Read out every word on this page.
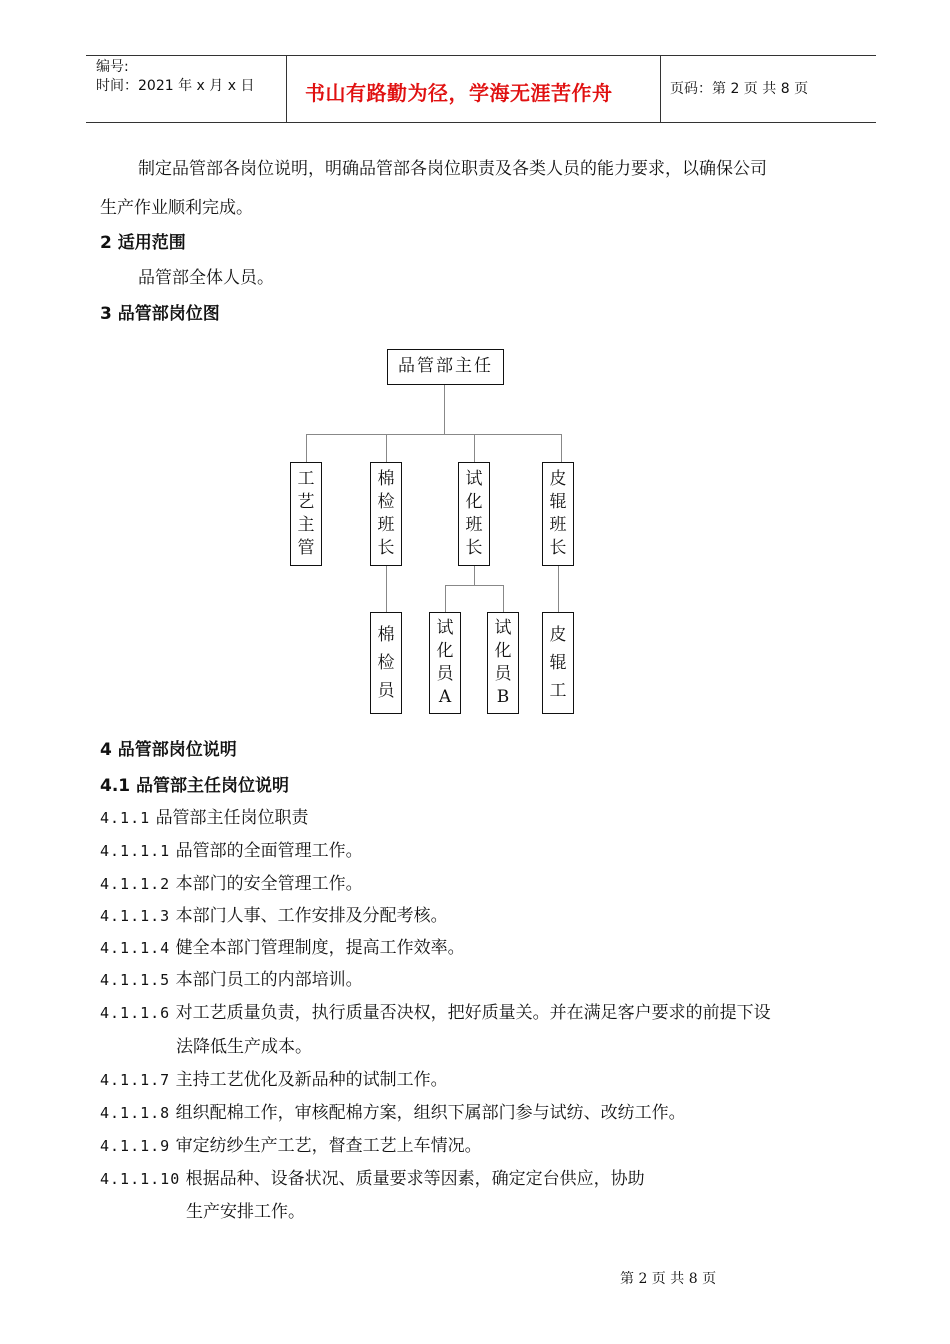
编号:
时间：2021 年 x 月 x 日	书山有路勤为径，学海无涯苦作舟	页码：第 2 页 共 8 页
制定品管部各岗位说明，明确品管部各岗位职责及各类人员的能力要求，以确保公司
生产作业顺利完成。
2 适用范围
品管部全体人员。
3 品管部岗位图
品管部主任
工
艺
主
管
棉
检
班
长
试
化
班
长
皮
辊
班
长
棉
检
员
试
化
员
A
试
化
员
B
皮
辊
工
4 品管部岗位说明
4.1 品管部主任岗位说明
4.1.1 品管部主任岗位职责
4.1.1.1 品管部的全面管理工作。
4.1.1.2 本部门的安全管理工作。
4.1.1.3 本部门人事、工作安排及分配考核。
4.1.1.4 健全本部门管理制度，提高工作效率。
4.1.1.5 本部门员工的内部培训。
4.1.1.6 对工艺质量负责，执行质量否决权，把好质量关。并在满足客户要求的前提下设
法降低生产成本。
4.1.1.7 主持工艺优化及新品种的试制工作。
4.1.1.8 组织配棉工作，审核配棉方案，组织下属部门参与试纺、改纺工作。
4.1.1.9 审定纺纱生产工艺，督查工艺上车情况。
4.1.1.10 根据品种、设备状况、质量要求等因素，确定定台供应，协助
生产安排工作。
第 2 页 共 8 页
